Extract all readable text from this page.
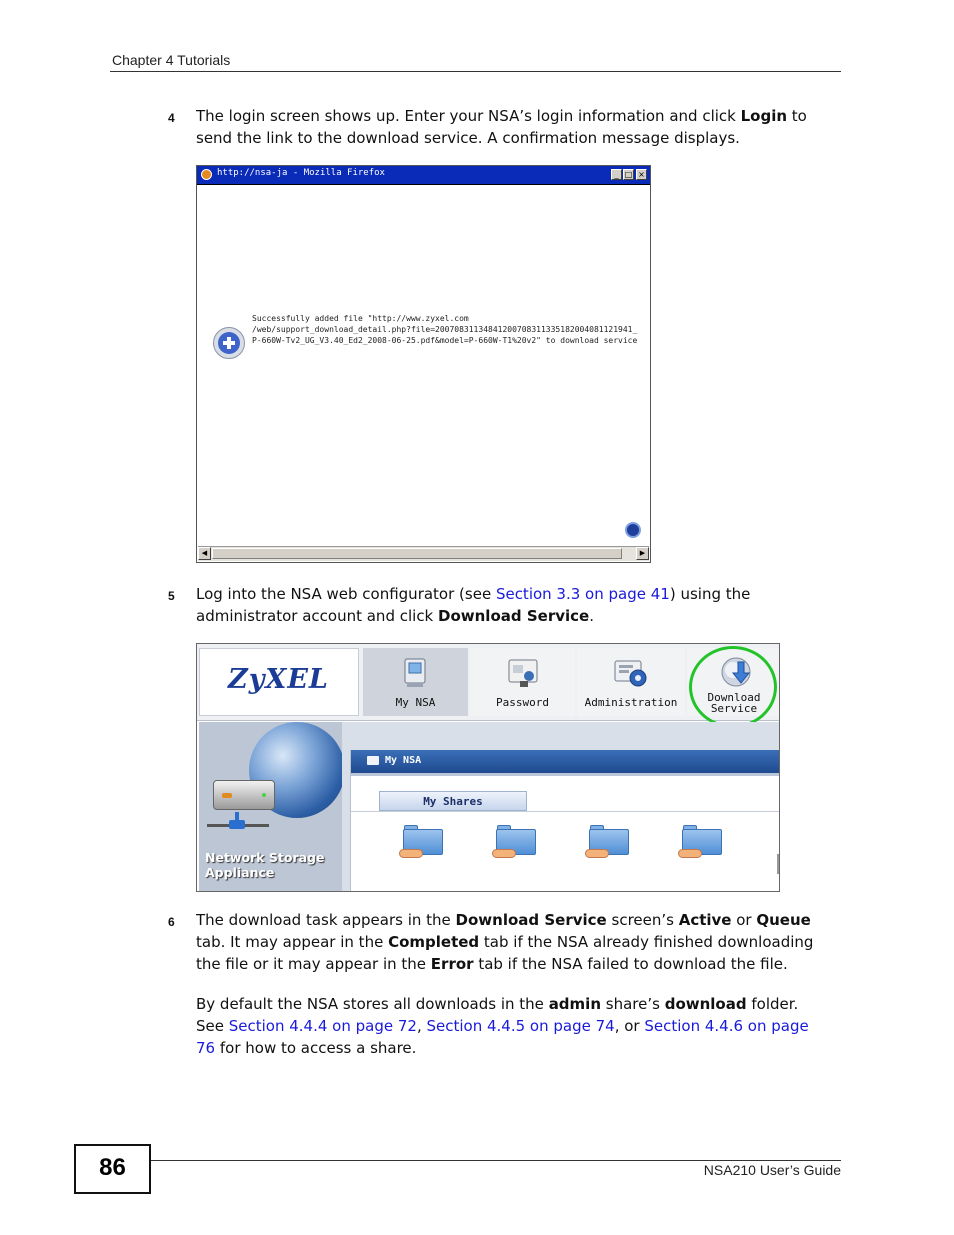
Chapter 4 Tutorials
4 The login screen shows up. Enter your NSA’s login information and click Login to
send the link to the download service. A confirmation message displays.
http://nsa-ja - Mozilla Firefox	_ □ ×
Successfully added file "http://www.zyxel.com
/web/support_download_detail.php?file=20070831134841200708311335182004081121941_
P-660W-Tv2_UG_V3.40_Ed2_2008-06-25.pdf&model=P-660W-T1%20v2" to download service
◀	▶
5 Log into the NSA web configurator (see Section 3.3 on page 41) using the
administrator account and click Download Service.
ZyXEL
My NSA	Password	Administration	Download
Service
Network Storage
Appliance
My NSA
My Shares
6 The download task appears in the Download Service screen’s Active or Queue
tab. It may appear in the Completed tab if the NSA already finished downloading
the file or it may appear in the Error tab if the NSA failed to download the file.
By default the NSA stores all downloads in the admin share’s download folder.
See Section 4.4.4 on page 72, Section 4.4.5 on page 74, or Section 4.4.6 on page
76 for how to access a share.
86	NSA210 User’s Guide
